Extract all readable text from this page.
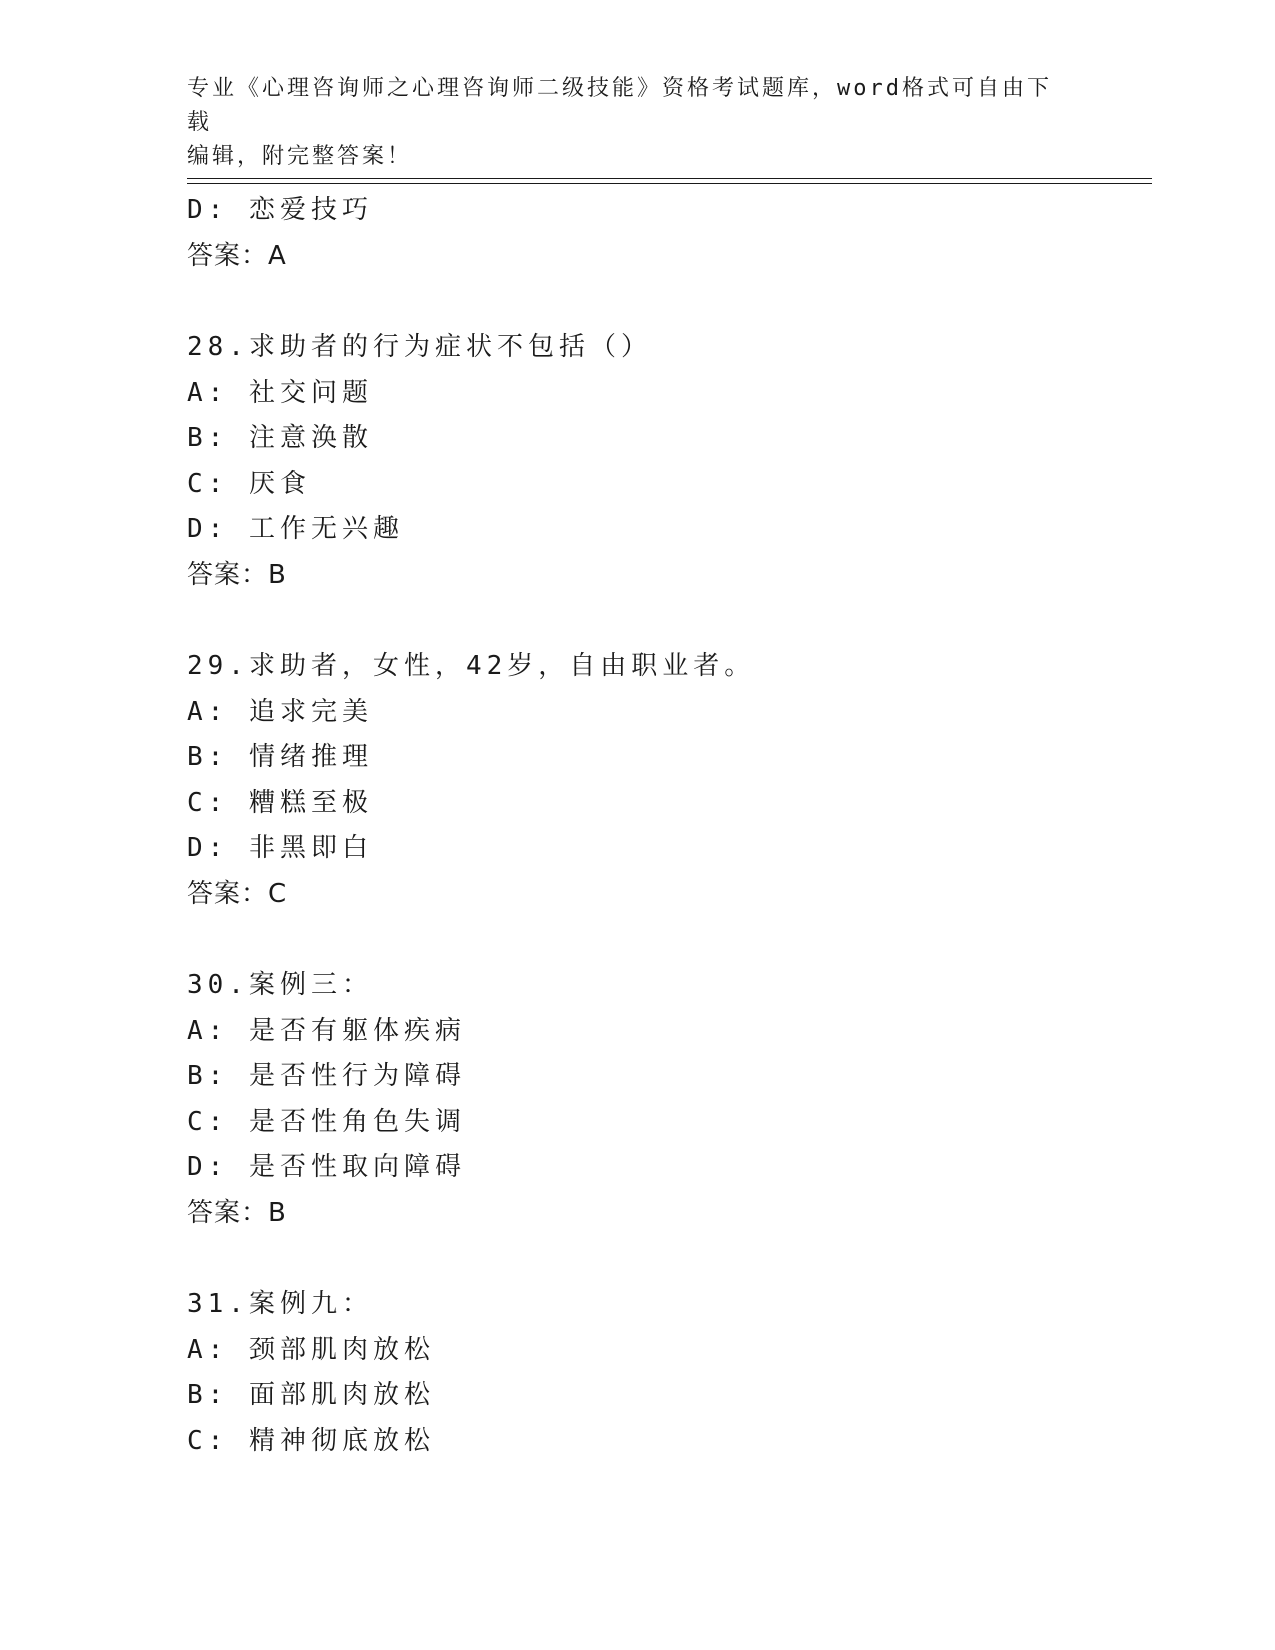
专业《心理咨询师之心理咨询师二级技能》资格考试题库，word格式可自由下载
编辑，附完整答案！
D: 恋爱技巧
答案：A
28.求助者的行为症状不包括（）
A: 社交问题
B: 注意涣散
C: 厌食
D: 工作无兴趣
答案：B
29.求助者，女性，42岁，自由职业者。
A: 追求完美
B: 情绪推理
C: 糟糕至极
D: 非黑即白
答案：C
30.案例三：
A: 是否有躯体疾病
B: 是否性行为障碍
C: 是否性角色失调
D: 是否性取向障碍
答案：B
31.案例九：
A: 颈部肌肉放松
B: 面部肌肉放松
C: 精神彻底放松
